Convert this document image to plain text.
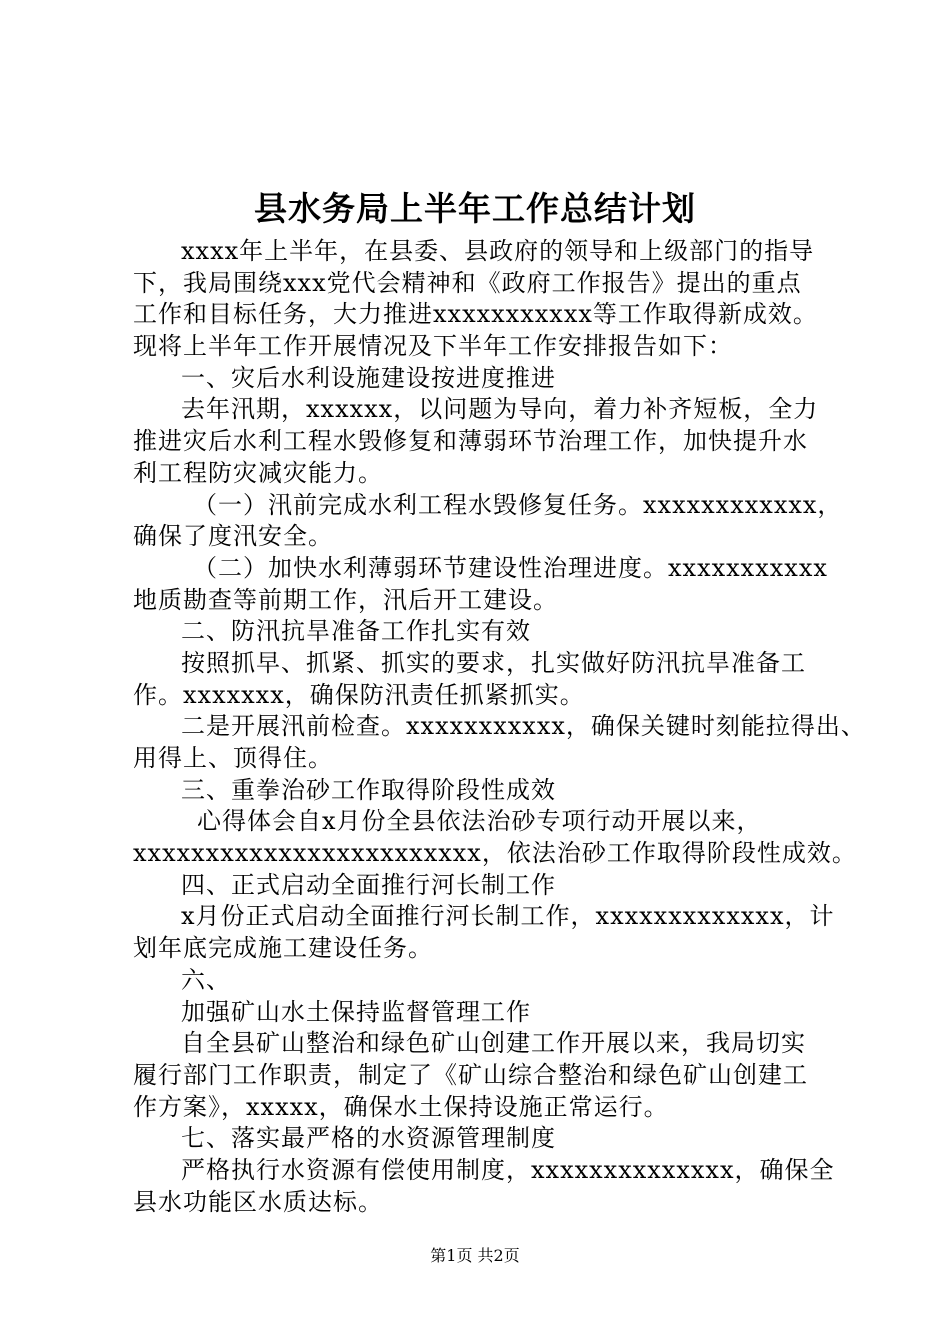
县水务局上半年工作总结计划
xxxx年上半年，在县委、县政府的领导和上级部门的指导
下，我局围绕xxx党代会精神和《政府工作报告》提出的重点
工作和目标任务，大力推进xxxxxxxxxxx等工作取得新成效。
现将上半年工作开展情况及下半年工作安排报告如下：
一、灾后水利设施建设按进度推进
去年汛期，xxxxxx，以问题为导向，着力补齐短板，全力
推进灾后水利工程水毁修复和薄弱环节治理工作，加快提升水
利工程防灾减灾能力。
（一）汛前完成水利工程水毁修复任务。xxxxxxxxxxxx，
确保了度汛安全。
（二）加快水利薄弱环节建设性治理进度。xxxxxxxxxxx
地质勘查等前期工作，汛后开工建设。
二、防汛抗旱准备工作扎实有效
按照抓早、抓紧、抓实的要求，扎实做好防汛抗旱准备工
作。xxxxxxx，确保防汛责任抓紧抓实。
二是开展汛前检查。xxxxxxxxxxx，确保关键时刻能拉得出、
用得上、顶得住。
三、重拳治砂工作取得阶段性成效
心得体会自x月份全县依法治砂专项行动开展以来，
xxxxxxxxxxxxxxxxxxxxxxxx，依法治砂工作取得阶段性成效。
四、正式启动全面推行河长制工作
x月份正式启动全面推行河长制工作，xxxxxxxxxxxxx，计
划年底完成施工建设任务。
六、
加强矿山水土保持监督管理工作
自全县矿山整治和绿色矿山创建工作开展以来，我局切实
履行部门工作职责，制定了《矿山综合整治和绿色矿山创建工
作方案》，xxxxx，确保水土保持设施正常运行。
七、落实最严格的水资源管理制度
严格执行水资源有偿使用制度，xxxxxxxxxxxxxx，确保全
县水功能区水质达标。
第1页 共2页
